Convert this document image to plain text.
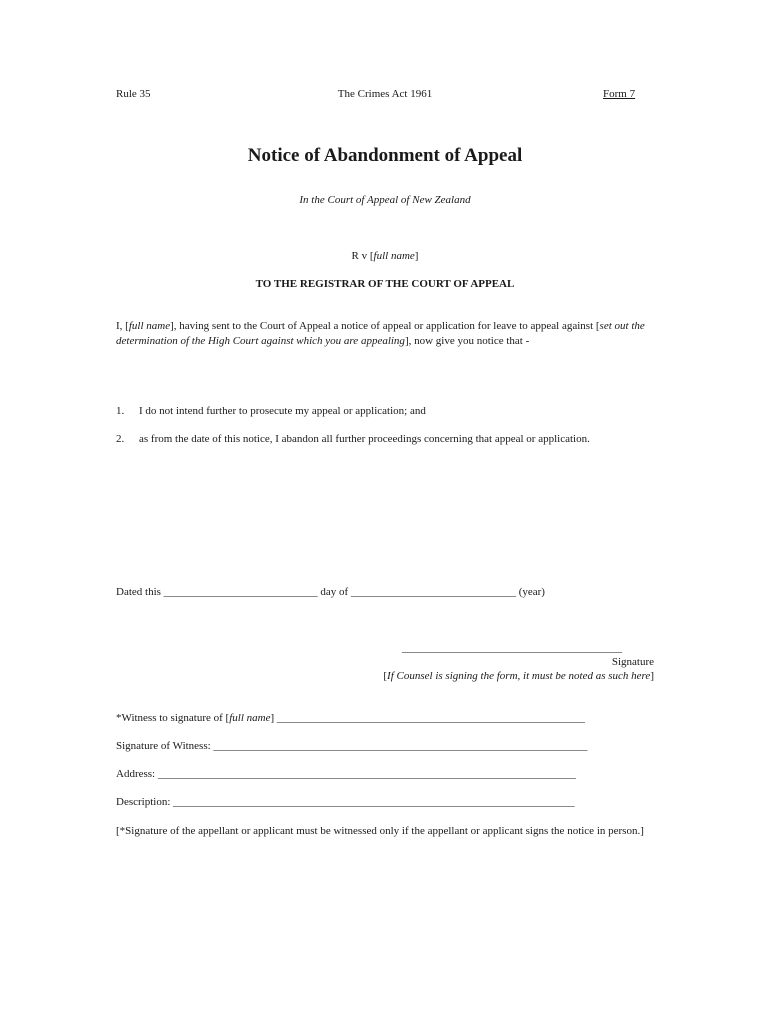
Rule 35	The Crimes Act 1961	Form 7
Notice of Abandonment of Appeal
In the Court of Appeal of New Zealand
R v [full name]
TO THE REGISTRAR OF THE COURT OF APPEAL
I, [full name], having sent to the Court of Appeal a notice of appeal or application for leave to appeal against [set out the determination of the High Court against which you are appealing], now give you notice that -
1. I do not intend further to prosecute my appeal or application; and
2. as from the date of this notice, I abandon all further proceedings concerning that appeal or application.
Dated this ____________________________ day of ______________________________ (year)
________________________________________
Signature
[If Counsel is signing the form, it must be noted as such here]
*Witness to signature of [full name] ________________________________________________________
Signature of Witness: ____________________________________________________________________
Address: ____________________________________________________________________________
Description: _________________________________________________________________________
[*Signature of the appellant or applicant must be witnessed only if the appellant or applicant signs the notice in person.]
